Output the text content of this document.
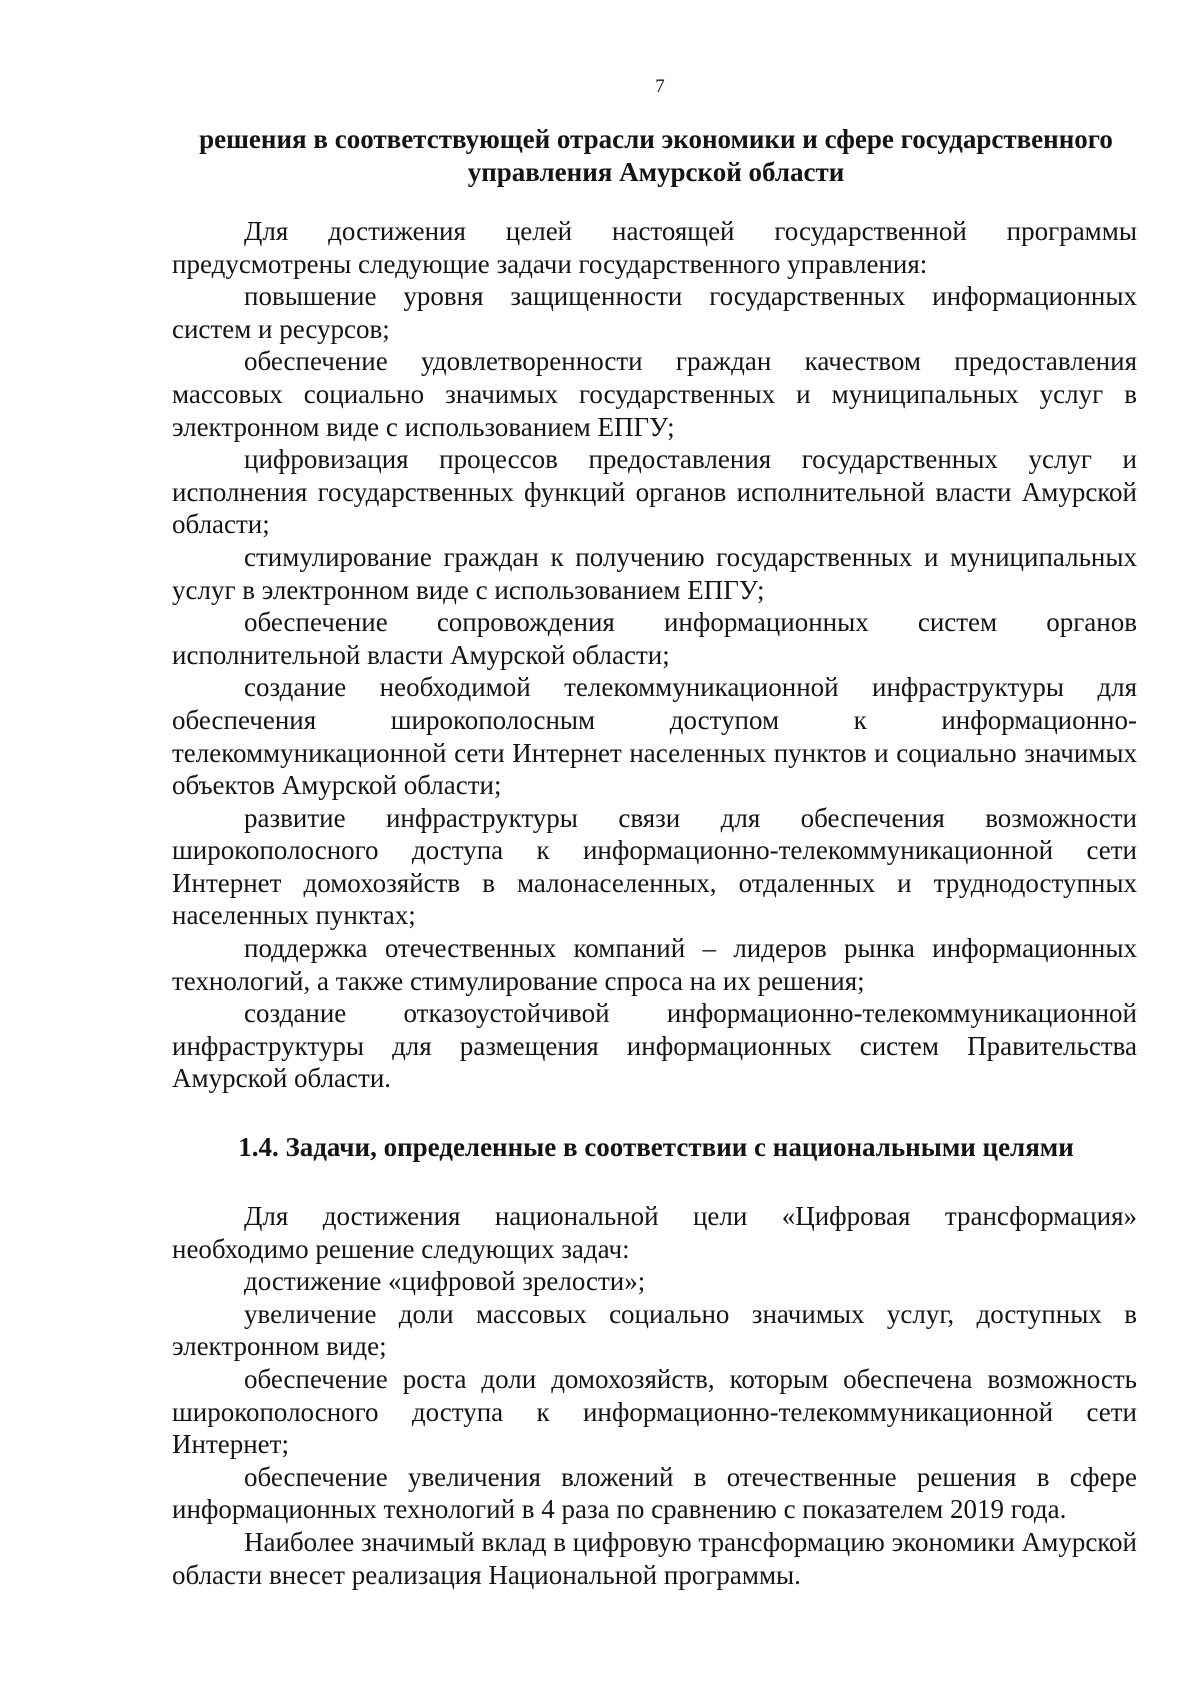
7
решения в соответствующей отрасли экономики и сфере государственного управления Амурской области

Для достижения целей настоящей государственной программы предусмотрены следующие задачи государственного управления:

повышение уровня защищенности государственных информационных систем и ресурсов;

обеспечение удовлетворенности граждан качеством предоставления массовых социально значимых государственных и муниципальных услуг в электронном виде с использованием ЕПГУ;

цифровизация процессов предоставления государственных услуг и исполнения государственных функций органов исполнительной власти Амурской области;

стимулирование граждан к получению государственных и муниципальных услуг в электронном виде с использованием ЕПГУ;

обеспечение сопровождения информационных систем органов исполнительной власти Амурской области;

создание необходимой телекоммуникационной инфраструктуры для обеспечения широкополосным доступом к информационно-телекоммуникационной сети Интернет населенных пунктов и социально значимых объектов Амурской области;

развитие инфраструктуры связи для обеспечения возможности широкополосного доступа к информационно-телекоммуникационной сети Интернет домохозяйств в малонаселенных, отдаленных и труднодоступных населенных пунктах;

поддержка отечественных компаний – лидеров рынка информационных технологий, а также стимулирование спроса на их решения;

создание отказоустойчивой информационно-телекоммуникационной инфраструктуры для размещения информационных систем Правительства Амурской области.

1.4. Задачи, определенные в соответствии с национальными целями

Для достижения национальной цели «Цифровая трансформация» необходимо решение следующих задач:

достижение «цифровой зрелости»;

увеличение доли массовых социально значимых услуг, доступных в электронном виде;

обеспечение роста доли домохозяйств, которым обеспечена возможность широкополосного доступа к информационно-телекоммуникационной сети Интернет;

обеспечение увеличения вложений в отечественные решения в сфере информационных технологий в 4 раза по сравнению с показателем 2019 года.

Наиболее значимый вклад в цифровую трансформацию экономики Амурской области внесет реализация Национальной программы.
